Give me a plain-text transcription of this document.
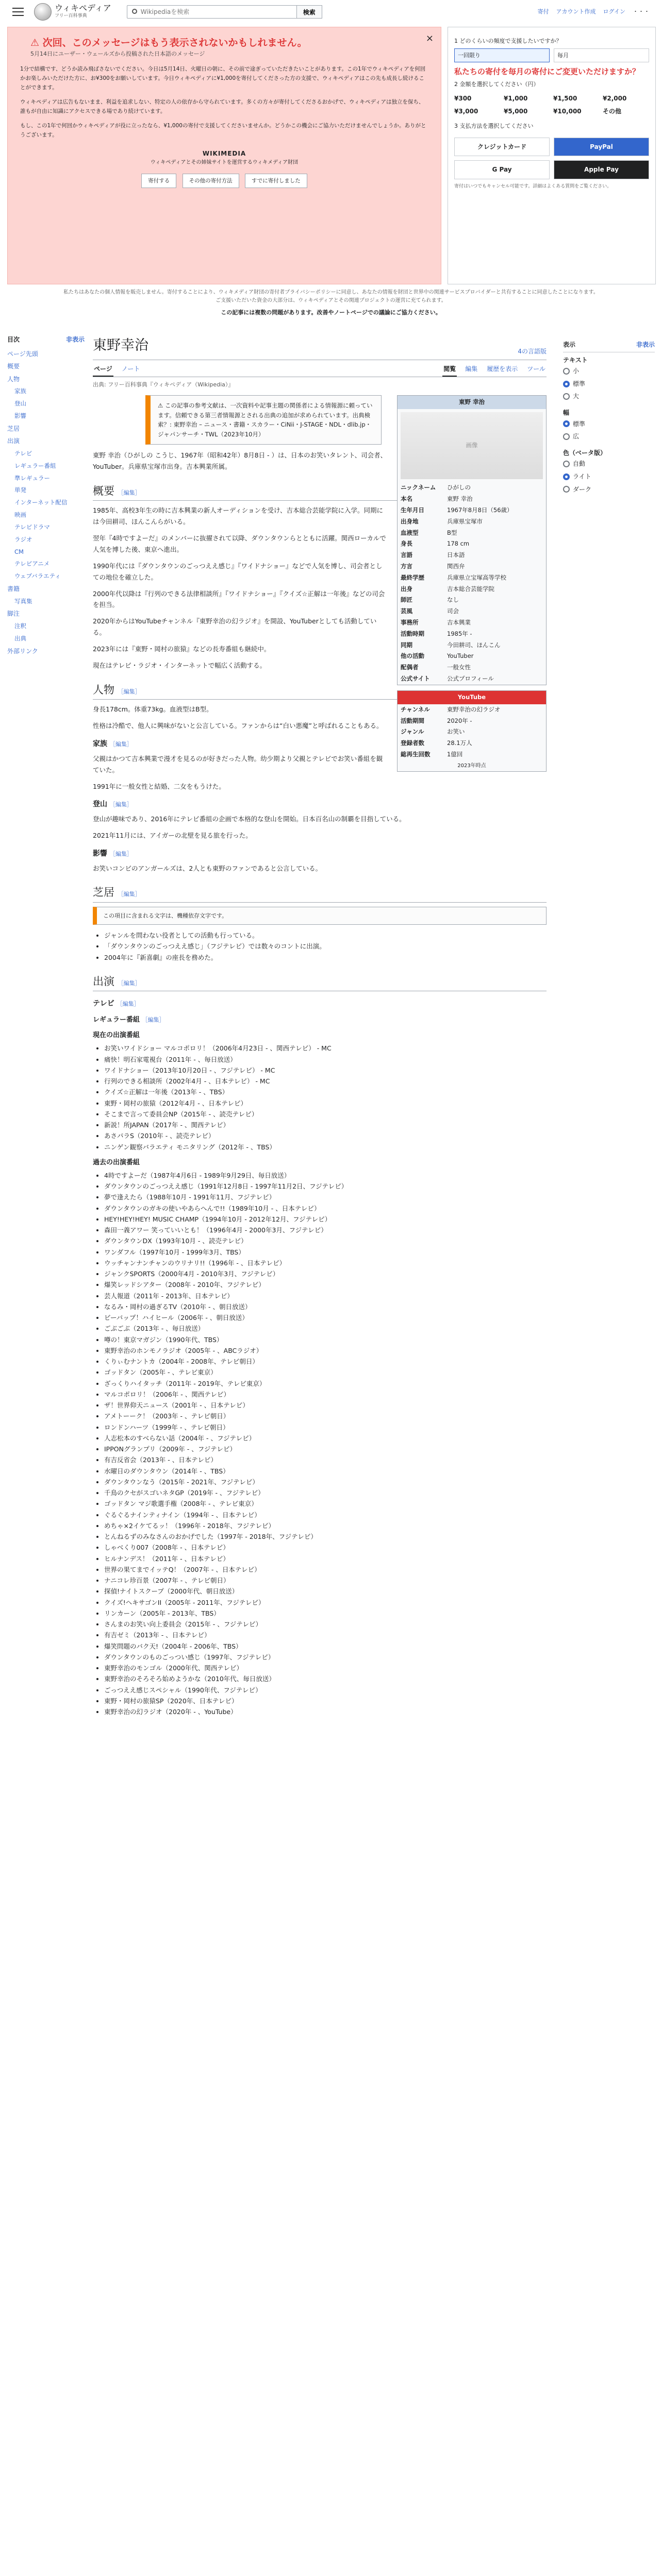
ウィキペディア
フリー百科事典
Wikipediaを検索
検索	寄付 アカウント作成 ログイン ・・・
×
⚠ 次回、このメッセージはもう表示されないかもしれません。
5月14日にユーザー・ウェールズから投稿された日本語のメッセージ

1分で結構です、どうか読み飛ばさないでください。今日は5月14日、火曜日の朝に、その前で途ぎっていただきたいことがあります。この1年でウィキペディアを何回かお楽しみいただけた方に、お¥300をお願いしています。今日ウィキペディアに¥1,000を寄付してくださった方の支援で、ウィキペディアはこの先も成長し続けることができます。

ウィキペディアは広告もないまま、利益を追求しない、特定の人の依存から守られています。多くの方々が寄付してくださるおかげで、ウィキペディアは独立を保ち、誰もが自由に知識にアクセスできる場であり続けています。

もし、この1年で何回かウィキペディアが役に立ったなら、¥1,000の寄付で支援してくださいませんか。どうかこの機会にご協力いただけませんでしょうか。ありがとうございます。

WIKIMEDIA
ウィキペディアとその姉妹サイトを運営するウィキメディア財団
寄付する	その他の寄付方法	すでに寄付しました
1 どのくらいの頻度で支援したいですか？
一回限り	毎月
私たちの寄付を毎月の寄付にご変更いただけますか？
2 金額を選択してください（円）
¥300	¥1,000	¥1,500	¥2,000
¥3,000	¥5,000	¥10,000	その他
3 支払方法を選択してください
クレジットカード	PayPal
G Pay	Apple Pay
寄付はいつでもキャンセル可能です。詳細はよくある質問をご覧ください。
私たちはあなたの個人情報を販売しません。寄付することにより、ウィキメディア財団の寄付者プライバシーポリシーに同意し、あなたの情報を財団と世界中の関連サービスプロバイダーと共有することに同意したことになります。
ご支援いただいた資金の大部分は、ウィキペディアとその関連プロジェクトの運営に充てられます。
この記事には複数の問題があります。改善やノートページでの議論にご協力ください。
目次	非表示
ページ先頭
概要
人物
家族
登山
影響
芝居
出演
テレビ
レギュラー番組
準レギュラー
単発
インターネット配信
映画
テレビドラマ
ラジオ
CM
テレビアニメ
ウェブバラエティ
書籍
写真集
脚注
注釈
出典
外部リンク
東野幸治	4の言語版
ページ ノート	閲覧 編集 履歴を表示 ツール
出典: フリー百科事典『ウィキペディア（Wikipedia）』
東野 幸治
画像
ニックネーム	ひがしの
本名	東野 幸治
生年月日	1967年8月8日（56歳）
出身地	兵庫県宝塚市
血液型	B型
身長	178 cm
言語	日本語
方言	関西弁
最終学歴	兵庫県立宝塚高等学校
出身	吉本総合芸能学院
師匠	なし
芸風	司会
事務所	吉本興業
活動時期	1985年 -
同期	今田耕司、ほんこん
他の活動	YouTuber
配偶者	一般女性
公式サイト	公式プロフィール
⚠ この記事の参考文献は、一次資料や記事主題の関係者による情報源に頼っています。信頼できる第三者情報源とされる出典の追加が求められています。出典検索？: 東野幸治 – ニュース・書籍・スカラー・CiNii・J-STAGE・NDL・dlib.jp・ジャパンサーチ・TWL（2023年10月）

東野 幸治（ひがしの こうじ、1967年（昭和42年）8月8日 - ）は、日本のお笑いタレント、司会者、YouTuber。兵庫県宝塚市出身。吉本興業所属。

概要 ［編集］

1985年、高校3年生の時に吉本興業の新人オーディションを受け、吉本総合芸能学院に入学。同期には今田耕司、ほんこんらがいる。

翌年『4時ですよーだ』のメンバーに抜擢されて以降、ダウンタウンらとともに活躍。関西ローカルで人気を博した後、東京へ進出。

1990年代には『ダウンタウンのごっつええ感じ』『ワイドナショー』などで人気を博し、司会者としての地位を確立した。

2000年代以降は『行列のできる法律相談所』『ワイドナショー』『クイズ☆正解は一年後』などの司会を担当。

2020年からはYouTubeチャンネル『東野幸治の幻ラジオ』を開設、YouTuberとしても活動している。

2023年には『東野・岡村の旅猿』などの長寿番組も継続中。

現在はテレビ・ラジオ・インターネットで幅広く活動する。

YouTube
チャンネル	東野幸治の幻ラジオ
活動期間	2020年 -
ジャンル	お笑い
登録者数	28.1万人
総再生回数	1億回
2023年時点
人物 ［編集］

身長178cm。体重73kg。血液型はB型。

性格は冷酷で、他人に興味がないと公言している。ファンからは“白い悪魔”と呼ばれることもある。

家族 ［編集］

父親はかつて吉本興業で漫才を見るのが好きだった人物。幼少期より父親とテレビでお笑い番組を観ていた。

1991年に一般女性と結婚、二女をもうけた。

登山 ［編集］

登山が趣味であり、2016年にテレビ番組の企画で本格的な登山を開始。日本百名山の制覇を目指している。

2021年11月には、アイガーの北壁を見る旅を行った。

影響 ［編集］

お笑いコンビのアンガールズは、2人とも東野のファンであると公言している。

芝居 ［編集］
この項目に含まれる文字は、機種依存文字です。
• ジャンルを問わない役者としての活動も行っている。
• 「ダウンタウンのごっつええ感じ」（フジテレビ）では数々のコントに出演。
• 2004年に『新喜劇』の座長を務めた。
出演 ［編集］
テレビ ［編集］
レギュラー番組 ［編集］
現在の出演番組
• お笑いワイドショー マルコポロリ！（2006年4月23日 - 、関西テレビ） - MC
• 痛快！明石家電視台（2011年 - 、毎日放送）
• ワイドナショー（2013年10月20日 - 、フジテレビ） - MC
• 行列のできる相談所（2002年4月 - 、日本テレビ） - MC
• クイズ☆正解は一年後（2013年 - 、TBS）
• 東野・岡村の旅猿（2012年4月 - 、日本テレビ）
• そこまで言って委員会NP（2015年 - 、読売テレビ）
• 新説！所JAPAN（2017年 - 、関西テレビ）
• あさパラS（2010年 - 、読売テレビ）
• ニンゲン観察バラエティ モニタリング（2012年 - 、TBS）
過去の出演番組
• 4時ですよーだ（1987年4月6日 - 1989年9月29日、毎日放送）
• ダウンタウンのごっつええ感じ（1991年12月8日 - 1997年11月2日、フジテレビ）
• 夢で逢えたら（1988年10月 - 1991年11月、フジテレビ）
• ダウンタウンのガキの使いやあらへんで!!（1989年10月 - 、日本テレビ）
• HEY!HEY!HEY! MUSIC CHAMP（1994年10月 - 2012年12月、フジテレビ）
• 森田一義アワー 笑っていいとも！（1996年4月 - 2000年3月、フジテレビ）
• ダウンタウンDX（1993年10月 - 、読売テレビ）
• ワンダフル（1997年10月 - 1999年3月、TBS）
• ウッチャンナンチャンのウリナリ!!（1996年 - 、日本テレビ）
• ジャンクSPORTS（2000年4月 - 2010年3月、フジテレビ）
• 爆笑レッドシアター（2008年 - 2010年、フジテレビ）
• 芸人報道（2011年 - 2013年、日本テレビ）
• なるみ・岡村の過ぎるTV（2010年 - 、朝日放送）
• ビーバップ！ハイヒール（2006年 - 、朝日放送）
• ごぶごぶ（2013年 - 、毎日放送）
• 噂の！東京マガジン（1990年代、TBS）
• 東野幸治のホンモノラジオ（2005年 - 、ABCラジオ）
• くりぃむナントカ（2004年 - 2008年、テレビ朝日）
• ゴッドタン（2005年 - 、テレビ東京）
• ざっくりハイタッチ（2011年 - 2019年、テレビ東京）
• マルコポロリ！（2006年 - 、関西テレビ）
• ザ！世界仰天ニュース（2001年 - 、日本テレビ）
• アメトーーク！（2003年 - 、テレビ朝日）
• ロンドンハーツ（1999年 - 、テレビ朝日）
• 人志松本のすべらない話（2004年 - 、フジテレビ）
• IPPONグランプリ（2009年 - 、フジテレビ）
• 有吉反省会（2013年 - 、日本テレビ）
• 水曜日のダウンタウン（2014年 - 、TBS）
• ダウンタウンなう（2015年 - 2021年、フジテレビ）
• 千鳥のクセがスゴいネタGP（2019年 - 、フジテレビ）
• ゴッドタン マジ歌選手権（2008年 - 、テレビ東京）
• ぐるぐるナインティナイン（1994年 - 、日本テレビ）
• めちゃ×2イケてるッ！（1996年 - 2018年、フジテレビ）
• とんねるずのみなさんのおかげでした（1997年 - 2018年、フジテレビ）
• しゃべくり007（2008年 - 、日本テレビ）
• ヒルナンデス！（2011年 - 、日本テレビ）
• 世界の果てまでイッテQ！（2007年 - 、日本テレビ）
• ナニコレ珍百景（2007年 - 、テレビ朝日）
• 探偵!ナイトスクープ（2000年代、朝日放送）
• クイズ!ヘキサゴンII（2005年 - 2011年、フジテレビ）
• リンカーン（2005年 - 2013年、TBS）
• さんまのお笑い向上委員会（2015年 - 、フジテレビ）
• 有吉ゼミ（2013年 - 、日本テレビ）
• 爆笑問題のバク天!（2004年 - 2006年、TBS）
• ダウンタウンのものごっつい感じ（1997年、フジテレビ）
• 東野幸治のモンゴル（2000年代、関西テレビ）
• 東野幸治のそろそろ始めようかな（2010年代、毎日放送）
• ごっつええ感じスペシャル（1990年代、フジテレビ）
• 東野・岡村の旅猿SP（2020年、日本テレビ）
• 東野幸治の幻ラジオ（2020年 - 、YouTube）
表示	非表示
テキスト
小
標準
大
幅
標準
広
色（ベータ版）
自動
ライト
ダーク
